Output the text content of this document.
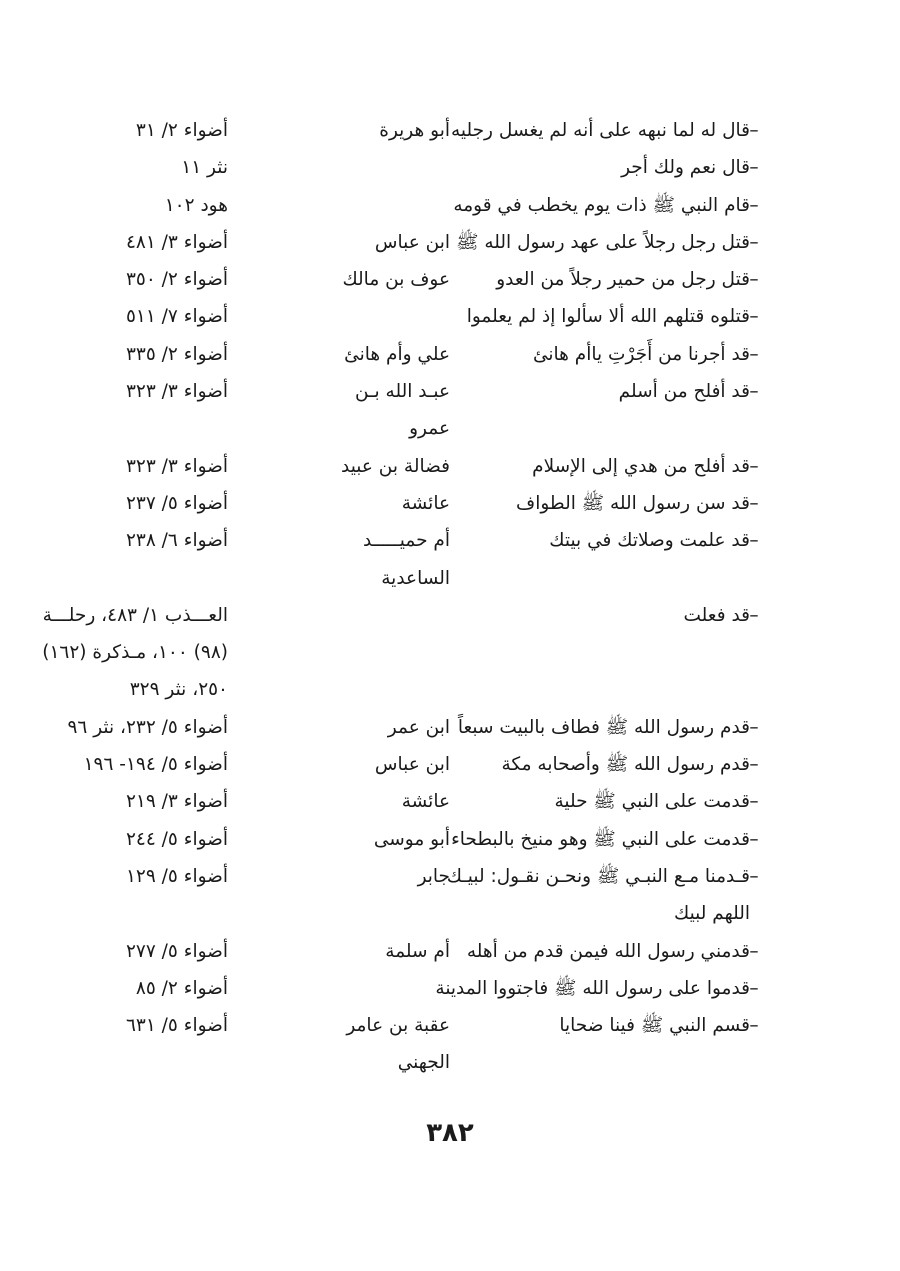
–
قال له لما نبهه على أنه لم يغسل رجليه
أبو هريرة
أضواء ٢/ ٣١
–
قال نعم ولك أجر
نثر ١١
–
قام النبي ﷺ ذات يوم يخطب في قومه
هود ١٠٢
–
قتل رجل رجلاً على عهد رسول الله ﷺ
ابن عباس
أضواء ٣/ ٤٨١
–
قتل رجل من حمير رجلاً من العدو
عوف بن مالك
أضواء ٢/ ٣٥٠
–
قتلوه قتلهم الله ألا سألوا إذ لم يعلموا
أضواء ٧/ ٥١١
–
قد أجرنا من أَجَرْتِ ياأم هانئ
علي وأم هانئ
أضواء ٢/ ٣٣٥
–
قد أفلح من أسلم
عبـد الله بـن
أضواء ٣/ ٣٢٣
عمرو
–
قد أفلح من هدي إلى الإسلام
فضالة بن عبيد
أضواء ٣/ ٣٢٣
–
قد سن رسول الله ﷺ الطواف
عائشة
أضواء ٥/ ٢٣٧
–
قد علمت وصلاتك في بيتك
أم حميـــــد
أضواء ٦/ ٢٣٨
الساعدية
–
قد فعلت
العـــذب ١/ ٤٨٣، رحلـــة
(٩٨) ١٠٠، مـذكرة (١٦٢)
٢٥٠، نثر ٣٢٩
–
قدم رسول الله ﷺ فطاف بالبيت سبعاً
ابن عمر
أضواء ٥/ ٢٣٢، نثر ٩٦
–
قدم رسول الله ﷺ وأصحابه مكة
ابن عباس
أضواء ٥/ ١٩٤- ١٩٦
–
قدمت على النبي ﷺ حلية
عائشة
أضواء ٣/ ٢١٩
–
قدمت على النبي ﷺ وهو منيخ بالبطحاء
أبو موسى
أضواء ٥/ ٢٤٤
–
قـدمنا مـع النبـي ﷺ ونحـن نقـول: لبيـك
جابر
أضواء ٥/ ١٢٩
اللهم لبيك
–
قدمني رسول الله فيمن قدم من أهله
أم سلمة
أضواء ٥/ ٢٧٧
–
قدموا على رسول الله ﷺ فاجتووا المدينة
أضواء ٢/ ٨٥
–
قسم النبي ﷺ فينا ضحايا
عقبة بن عامر
أضواء ٥/ ٦٣١
الجهني
٣٨٢
